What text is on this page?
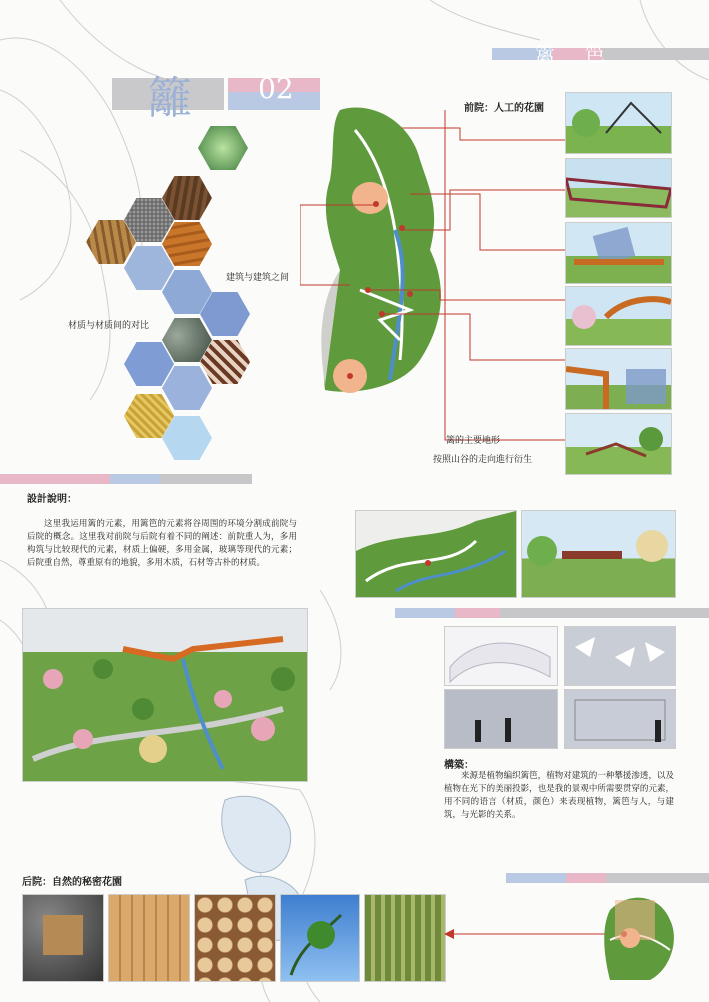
籬 02
篱笆
材质与材质间的对比
建筑与建筑之间
前院：人工的花園
篱的主要地形
按照山谷的走向進行衍生
設計說明：
这里我运用篱的元素，用篱笆的元素将谷周围的环境分割成前院与后院的概念。这里我对前院与后院有着不同的阐述：前院重人为，多用构筑与比较现代的元素，材质上偏硬，多用金属，玻璃等现代的元素；后院重自然，尊重原有的地貌，多用木质，石材等古朴的材质。
構築：
来源是植物编织篱笆，植物对建筑的一种攀援渗透，以及植物在光下的美丽投影，也是我的景观中所需要贯穿的元素，用不同的语言（材质，颜色）来表现植物，篱笆与人，与建筑，与光影的关系。
后院：自然的秘密花園
